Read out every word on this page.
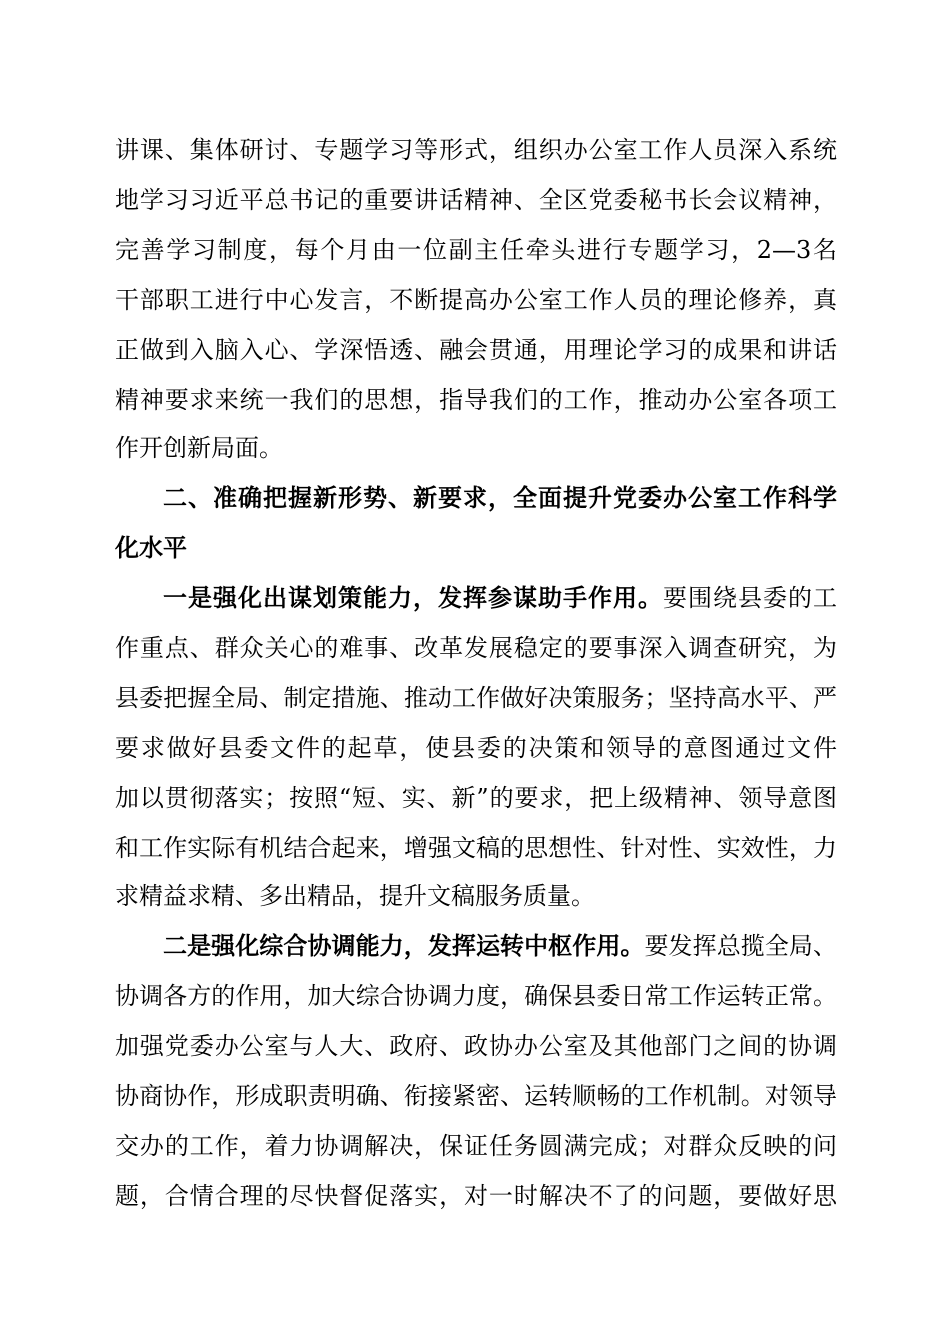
讲课、集体研讨、专题学习等形式，组织办公室工作人员深入系统
地学习习近平总书记的重要讲话精神、全区党委秘书长会议精神，
完善学习制度，每个月由一位副主任牵头进行专题学习，2—3名
干部职工进行中心发言，不断提高办公室工作人员的理论修养，真
正做到入脑入心、学深悟透、融会贯通，用理论学习的成果和讲话
精神要求来统一我们的思想，指导我们的工作，推动办公室各项工
作开创新局面。
二、准确把握新形势、新要求，全面提升党委办公室工作科学
化水平
一是强化出谋划策能力，发挥参谋助手作用。要围绕县委的工
作重点、群众关心的难事、改革发展稳定的要事深入调查研究，为
县委把握全局、制定措施、推动工作做好决策服务；坚持高水平、严
要求做好县委文件的起草，使县委的决策和领导的意图通过文件
加以贯彻落实；按照“短、实、新”的要求，把上级精神、领导意图
和工作实际有机结合起来，增强文稿的思想性、针对性、实效性，力
求精益求精、多出精品，提升文稿服务质量。
二是强化综合协调能力，发挥运转中枢作用。要发挥总揽全局、
协调各方的作用，加大综合协调力度，确保县委日常工作运转正常。
加强党委办公室与人大、政府、政协办公室及其他部门之间的协调
协商协作，形成职责明确、衔接紧密、运转顺畅的工作机制。对领导
交办的工作，着力协调解决，保证任务圆满完成；对群众反映的问
题，合情合理的尽快督促落实，对一时解决不了的问题，要做好思
